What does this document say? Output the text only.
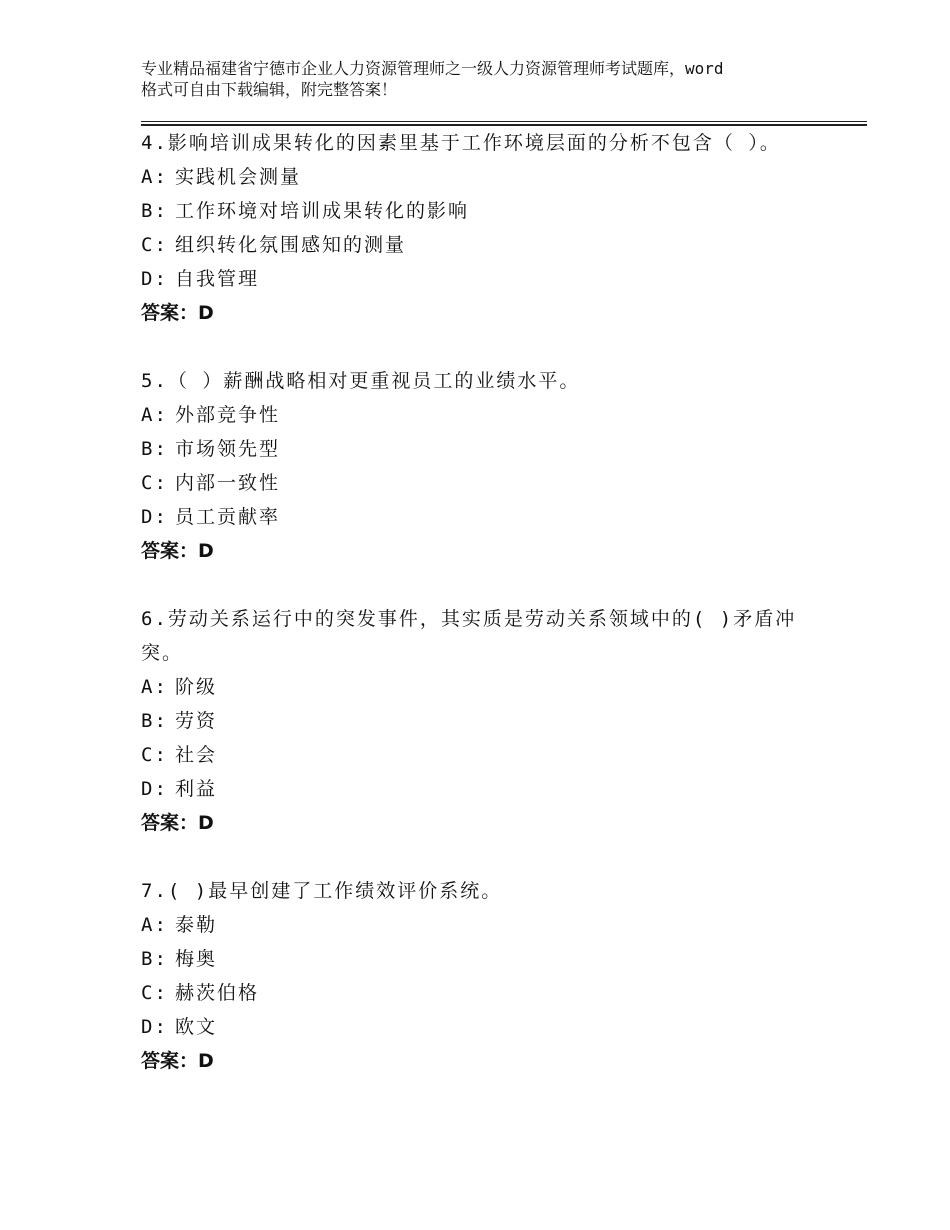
专业精品福建省宁德市企业人力资源管理师之一级人力资源管理师考试题库，word
格式可自由下载编辑，附完整答案！
4.影响培训成果转化的因素里基于工作环境层面的分析不包含（ ）。
A: 实践机会测量
B: 工作环境对培训成果转化的影响
C: 组织转化氛围感知的测量
D: 自我管理
答案：D
5.（ ）薪酬战略相对更重视员工的业绩水平。
A: 外部竞争性
B: 市场领先型
C: 内部一致性
D: 员工贡献率
答案：D
6.劳动关系运行中的突发事件，其实质是劳动关系领域中的( )矛盾冲突。
A: 阶级
B: 劳资
C: 社会
D: 利益
答案：D
7.( )最早创建了工作绩效评价系统。
A: 泰勒
B: 梅奥
C: 赫茨伯格
D: 欧文
答案：D
